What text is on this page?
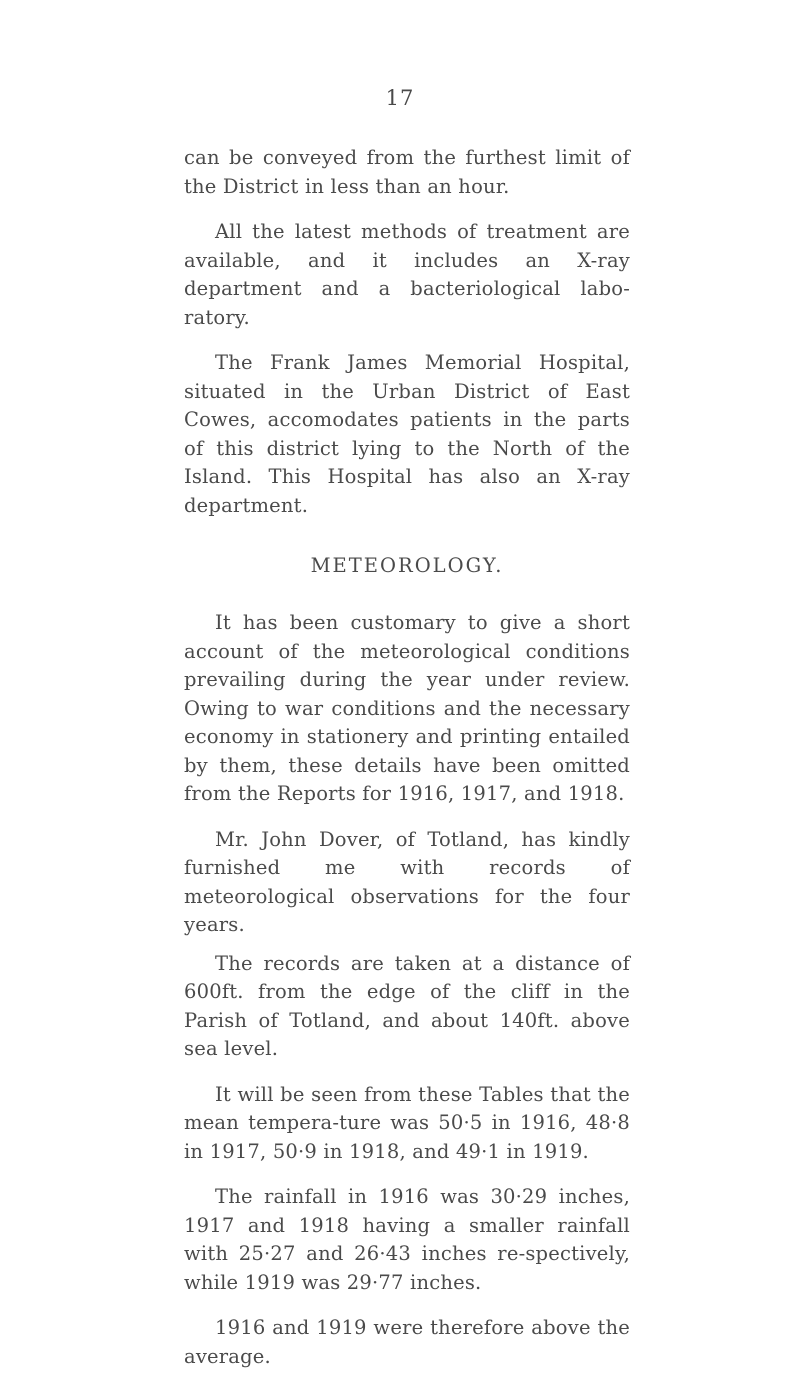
17

can be conveyed from the furthest limit of the District in less than an hour.

All the latest methods of treatment are available, and it includes an X-ray department and a bacteriological labo-ratory.

The Frank James Memorial Hospital, situated in the Urban District of East Cowes, accomodates patients in the parts of this district lying to the North of the Island. This Hospital has also an X-ray department.

METEOROLOGY.

It has been customary to give a short account of the meteorological conditions prevailing during the year under review. Owing to war conditions and the necessary economy in stationery and printing entailed by them, these details have been omitted from the Reports for 1916, 1917, and 1918.

Mr. John Dover, of Totland, has kindly furnished me with records of meteorological observations for the four years.

The records are taken at a distance of 600ft. from the edge of the cliff in the Parish of Totland, and about 140ft. above sea level.

It will be seen from these Tables that the mean tempera-ture was 50·5 in 1916, 48·8 in 1917, 50·9 in 1918, and 49·1 in 1919.

The rainfall in 1916 was 30·29 inches, 1917 and 1918 having a smaller rainfall with 25·27 and 26·43 inches re-spectively, while 1919 was 29·77 inches.

1916 and 1919 were therefore above the average.
